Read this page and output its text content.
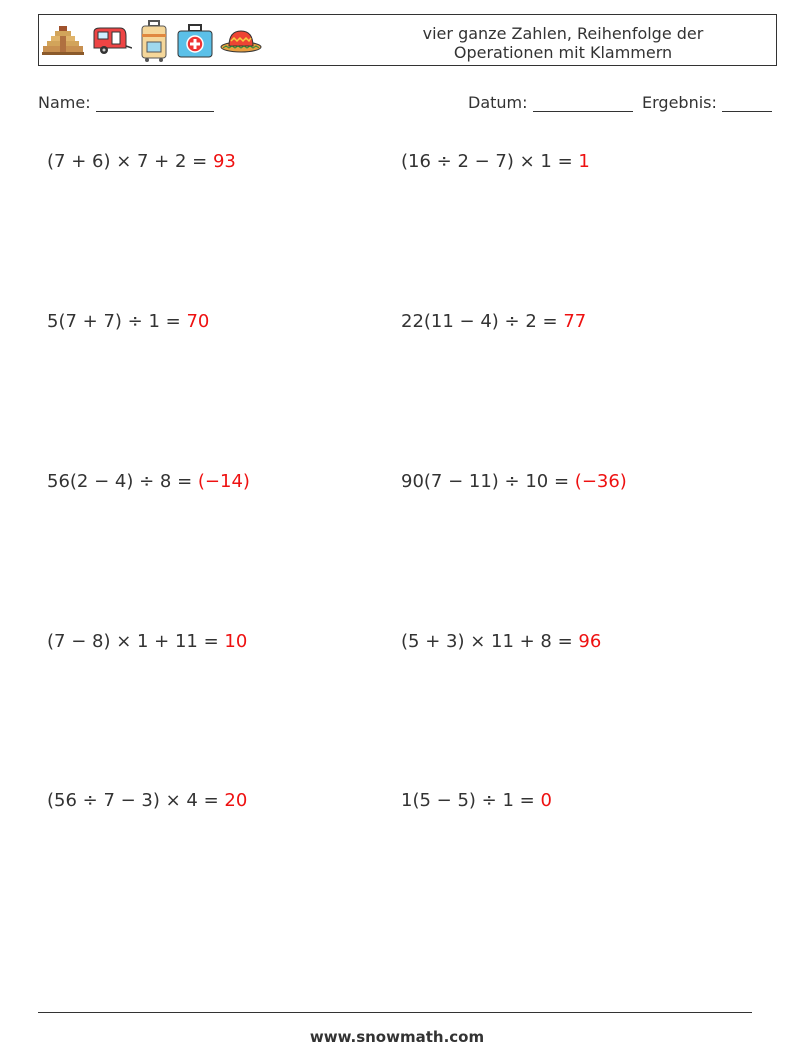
vier ganze Zahlen, Reihenfolge der
Operationen mit Klammern
Name:	Datum:	Ergebnis:
(7 + 6) × 7 + 2 = 93	(16 ÷ 2 − 7) × 1 = 1
5(7 + 7) ÷ 1 = 70	22(11 − 4) ÷ 2 = 77
56(2 − 4) ÷ 8 = (−14)	90(7 − 11) ÷ 10 = (−36)
(7 − 8) × 1 + 11 = 10	(5 + 3) × 11 + 8 = 96
(56 ÷ 7 − 3) × 4 = 20	1(5 − 5) ÷ 1 = 0
www.snowmath.com
